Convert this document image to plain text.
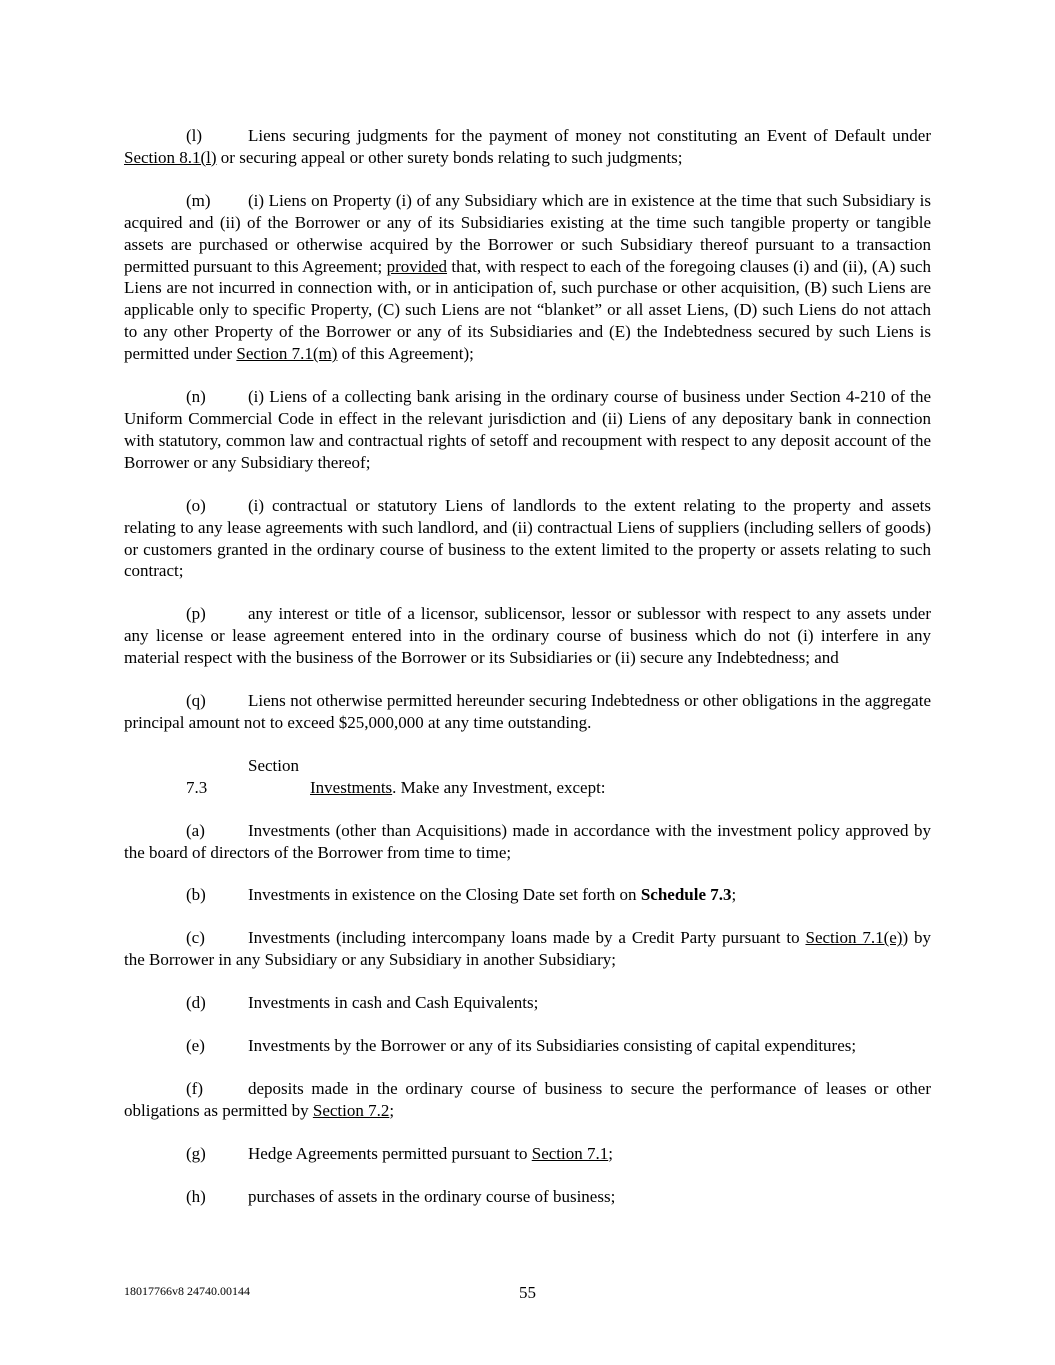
(l)	Liens securing judgments for the payment of money not constituting an Event of Default under Section 8.1(l) or securing appeal or other surety bonds relating to such judgments;

(m) (i) Liens on Property (i) of any Subsidiary which are in existence at the time that such Subsidiary is acquired and (ii) of the Borrower or any of its Subsidiaries existing at the time such tangible property or tangible assets are purchased or otherwise acquired by the Borrower or such Subsidiary thereof pursuant to a transaction permitted pursuant to this Agreement; provided that, with respect to each of the foregoing clauses (i) and (ii), (A) such Liens are not incurred in connection with, or in anticipation of, such purchase or other acquisition, (B) such Liens are applicable only to specific Property, (C) such Liens are not “blanket” or all asset Liens, (D) such Liens do not attach to any other Property of the Borrower or any of its Subsidiaries and (E) the Indebtedness secured by such Liens is permitted under Section 7.1(m) of this Agreement);

(n) (i) Liens of a collecting bank arising in the ordinary course of business under Section 4-210 of the Uniform Commercial Code in effect in the relevant jurisdiction and (ii) Liens of any depositary bank in connection with statutory, common law and contractual rights of setoff and recoupment with respect to any deposit account of the Borrower or any Subsidiary thereof;

(o) (i) contractual or statutory Liens of landlords to the extent relating to the property and assets relating to any lease agreements with such landlord, and (ii) contractual Liens of suppliers (including sellers of goods) or customers granted in the ordinary course of business to the extent limited to the property or assets relating to such contract;

(p) any interest or title of a licensor, sublicensor, lessor or sublessor with respect to any assets under any license or lease agreement entered into in the ordinary course of business which do not (i) interfere in any material respect with the business of the Borrower or its Subsidiaries or (ii) secure any Indebtedness; and

(q) Liens not otherwise permitted hereunder securing Indebtedness or other obligations in the aggregate principal amount not to exceed $25,000,000 at any time outstanding.

Section 7.3	Investments. Make any Investment, except:

(a)	Investments (other than Acquisitions) made in accordance with the investment policy approved by the board of directors of the Borrower from time to time;

(b) Investments in existence on the Closing Date set forth on Schedule 7.3;

(c)	Investments (including intercompany loans made by a Credit Party pursuant to Section 7.1(e)) by the Borrower in any Subsidiary or any Subsidiary in another Subsidiary;

(d) Investments in cash and Cash Equivalents;

(e)	Investments by the Borrower or any of its Subsidiaries consisting of capital expenditures;

(f)	deposits made in the ordinary course of business to secure the performance of leases or other obligations as permitted by Section 7.2;

(g) Hedge Agreements permitted pursuant to Section 7.1;

(h) purchases of assets in the ordinary course of business;

18017766v8 24740.00144	55
